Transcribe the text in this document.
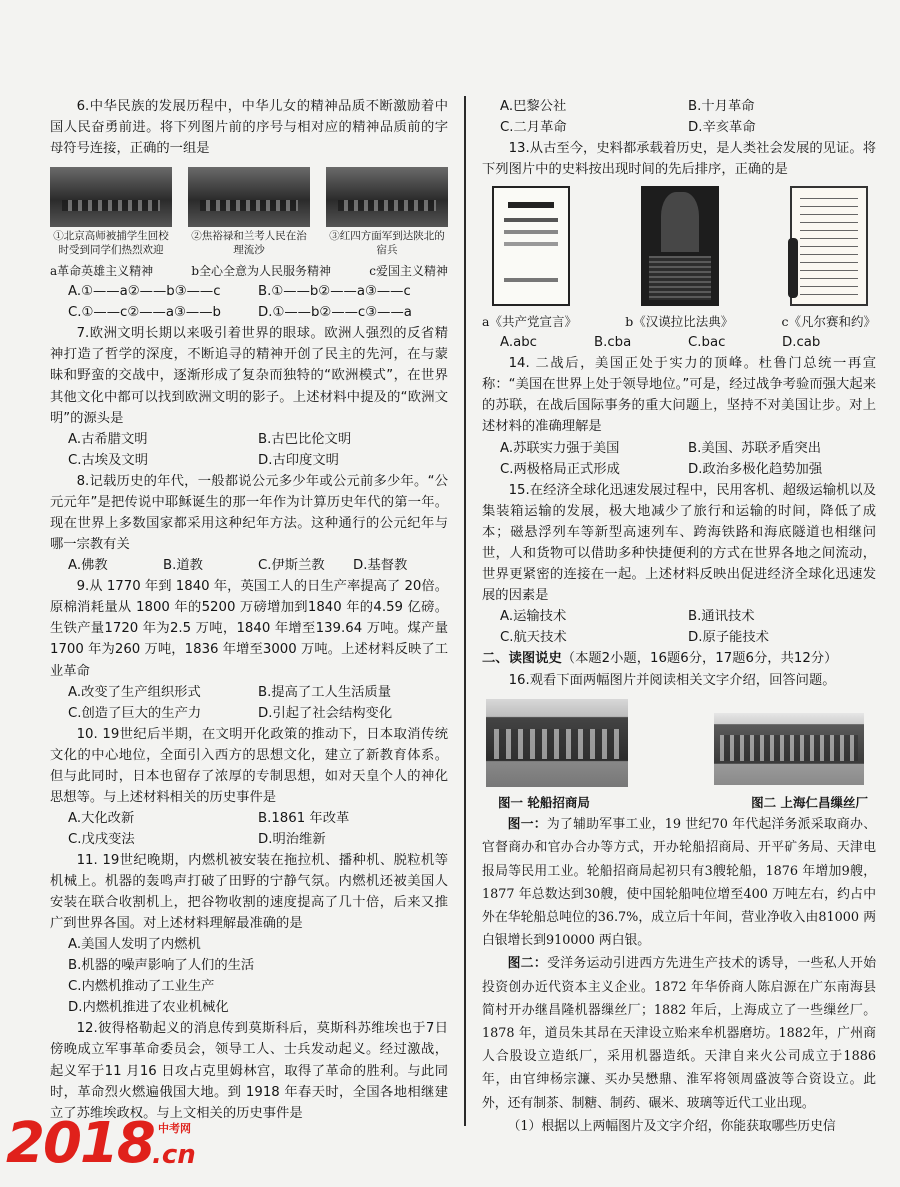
6.中华民族的发展历程中，中华儿女的精神品质不断激励着中国人民奋勇前进。将下列图片前的序号与相对应的精神品质前的字母符号连接，正确的一组是

①北京高师被捕学生回校时受到同学们热烈欢迎
②焦裕禄和兰考人民在治理流沙
③红四方面军到达陕北的宿兵
a革命英雄主义精神	b全心全意为人民服务精神	c爱国主义精神
A.①——a②——b③——c	B.①——b②——a③——c
C.①——c②——a③——b	D.①——b②——c③——a

7.欧洲文明长期以来吸引着世界的眼球。欧洲人强烈的反省精神打造了哲学的深度，不断追寻的精神开创了民主的先河，在与蒙昧和野蛮的交战中，逐渐形成了复杂而独特的“欧洲模式”，在世界其他文化中都可以找到欧洲文明的影子。上述材料中提及的“欧洲文明”的源头是

A.古希腊文明	B.古巴比伦文明
C.古埃及文明	D.古印度文明

8.记载历史的年代，一般都说公元多少年或公元前多少年。“公元元年”是把传说中耶稣诞生的那一年作为计算历史年代的第一年。现在世界上多数国家都采用这种纪年方法。这种通行的公元纪年与哪一宗教有关

A.佛教	B.道教	C.伊斯兰教	D.基督教

9.从 1770 年到 1840 年，英国工人的日生产率提高了 20倍。原棉消耗量从 1800 年的5200 万磅增加到1840 年的4.59 亿磅。生铁产量1720 年为2.5 万吨，1840 年增至139.64 万吨。煤产量1700 年为260 万吨，1836 年增至3000 万吨。上述材料反映了工业革命

A.改变了生产组织形式	B.提高了工人生活质量
C.创造了巨大的生产力	D.引起了社会结构变化

10. 19世纪后半期，在文明开化政策的推动下，日本取消传统文化的中心地位，全面引入西方的思想文化，建立了新教育体系。但与此同时，日本也留存了浓厚的专制思想，如对天皇个人的神化思想等。与上述材料相关的历史事件是

A.大化改新	B.1861 年改革
C.戊戌变法	D.明治维新

11. 19世纪晚期，内燃机被安装在拖拉机、播种机、脱粒机等机械上。机器的轰鸣声打破了田野的宁静气氛。内燃机还被美国人安装在联合收割机上，把谷物收割的速度提高了几十倍，后来又推广到世界各国。对上述材料理解最准确的是

A.美国人发明了内燃机
B.机器的噪声影响了人们的生活
C.内燃机推动了工业生产
D.内燃机推进了农业机械化

12.彼得格勒起义的消息传到莫斯科后，莫斯科苏维埃也于7日傍晚成立军事革命委员会，领导工人、士兵发动起义。经过激战，起义军于11 月16 日攻占克里姆林宫，取得了革命的胜利。与此同时，革命烈火燃遍俄国大地。到 1918 年春天时，全国各地相继建立了苏维埃政权。与上文相关的历史事件是

A.巴黎公社	B.十月革命
C.二月革命	D.辛亥革命

13.从古至今，史料都承载着历史，是人类社会发展的见证。将下列图片中的史料按出现时间的先后排序，正确的是

a《共产党宣言》	b《汉谟拉比法典》	c《凡尔赛和约》
A.abc	B.cba	C.bac	D.cab

14. 二战后，美国正处于实力的顶峰。杜鲁门总统一再宣称：“美国在世界上处于领导地位。”可是，经过战争考验而强大起来的苏联，在战后国际事务的重大问题上，坚持不对美国让步。对上述材料的准确理解是

A.苏联实力强于美国	B.美国、苏联矛盾突出
C.两极格局正式形成	D.政治多极化趋势加强

15.在经济全球化迅速发展过程中，民用客机、超级运输机以及集装箱运输的发展，极大地减少了旅行和运输的时间，降低了成本；磁悬浮列车等新型高速列车、跨海铁路和海底隧道也相继问世，人和货物可以借助多种快捷便利的方式在世界各地之间流动，世界更紧密的连接在一起。上述材料反映出促进经济全球化迅速发展的因素是

A.运输技术	B.通讯技术
C.航天技术	D.原子能技术

二、读图说史（本题2小题，16题6分，17题6分，共12分）

16.观看下面两幅图片并阅读相关文字介绍，回答问题。

图一 轮船招商局	图二 上海仁昌缫丝厂

图一：为了辅助军事工业，19 世纪70 年代起洋务派采取商办、官督商办和官办合办等方式，开办轮船招商局、开平矿务局、天津电报局等民用工业。轮船招商局起初只有3艘轮船，1876 年增加9艘，1877 年总数达到30艘，使中国轮船吨位增至400 万吨左右，约占中外在华轮船总吨位的36.7%，成立后十年间，营业净收入由81000 两白银增长到910000 两白银。

图二：受洋务运动引进西方先进生产技术的诱导，一些私人开始投资创办近代资本主义企业。1872 年华侨商人陈启源在广东南海县简村开办继昌隆机器缫丝厂；1882 年后，上海成立了一些缫丝厂。1878 年，道员朱其昂在天津设立贻来牟机器磨坊。1882年，广州商人合股设立造纸厂，采用机器造纸。天津自来火公司成立于1886 年，由官绅杨宗濂、买办吴懋鼎、淮军将领周盛波等合资设立。此外，还有制茶、制糖、制药、碾米、玻璃等近代工业出现。

（1）根据以上两幅图片及文字介绍，你能获取哪些历史信

2018 中考网
.cn
